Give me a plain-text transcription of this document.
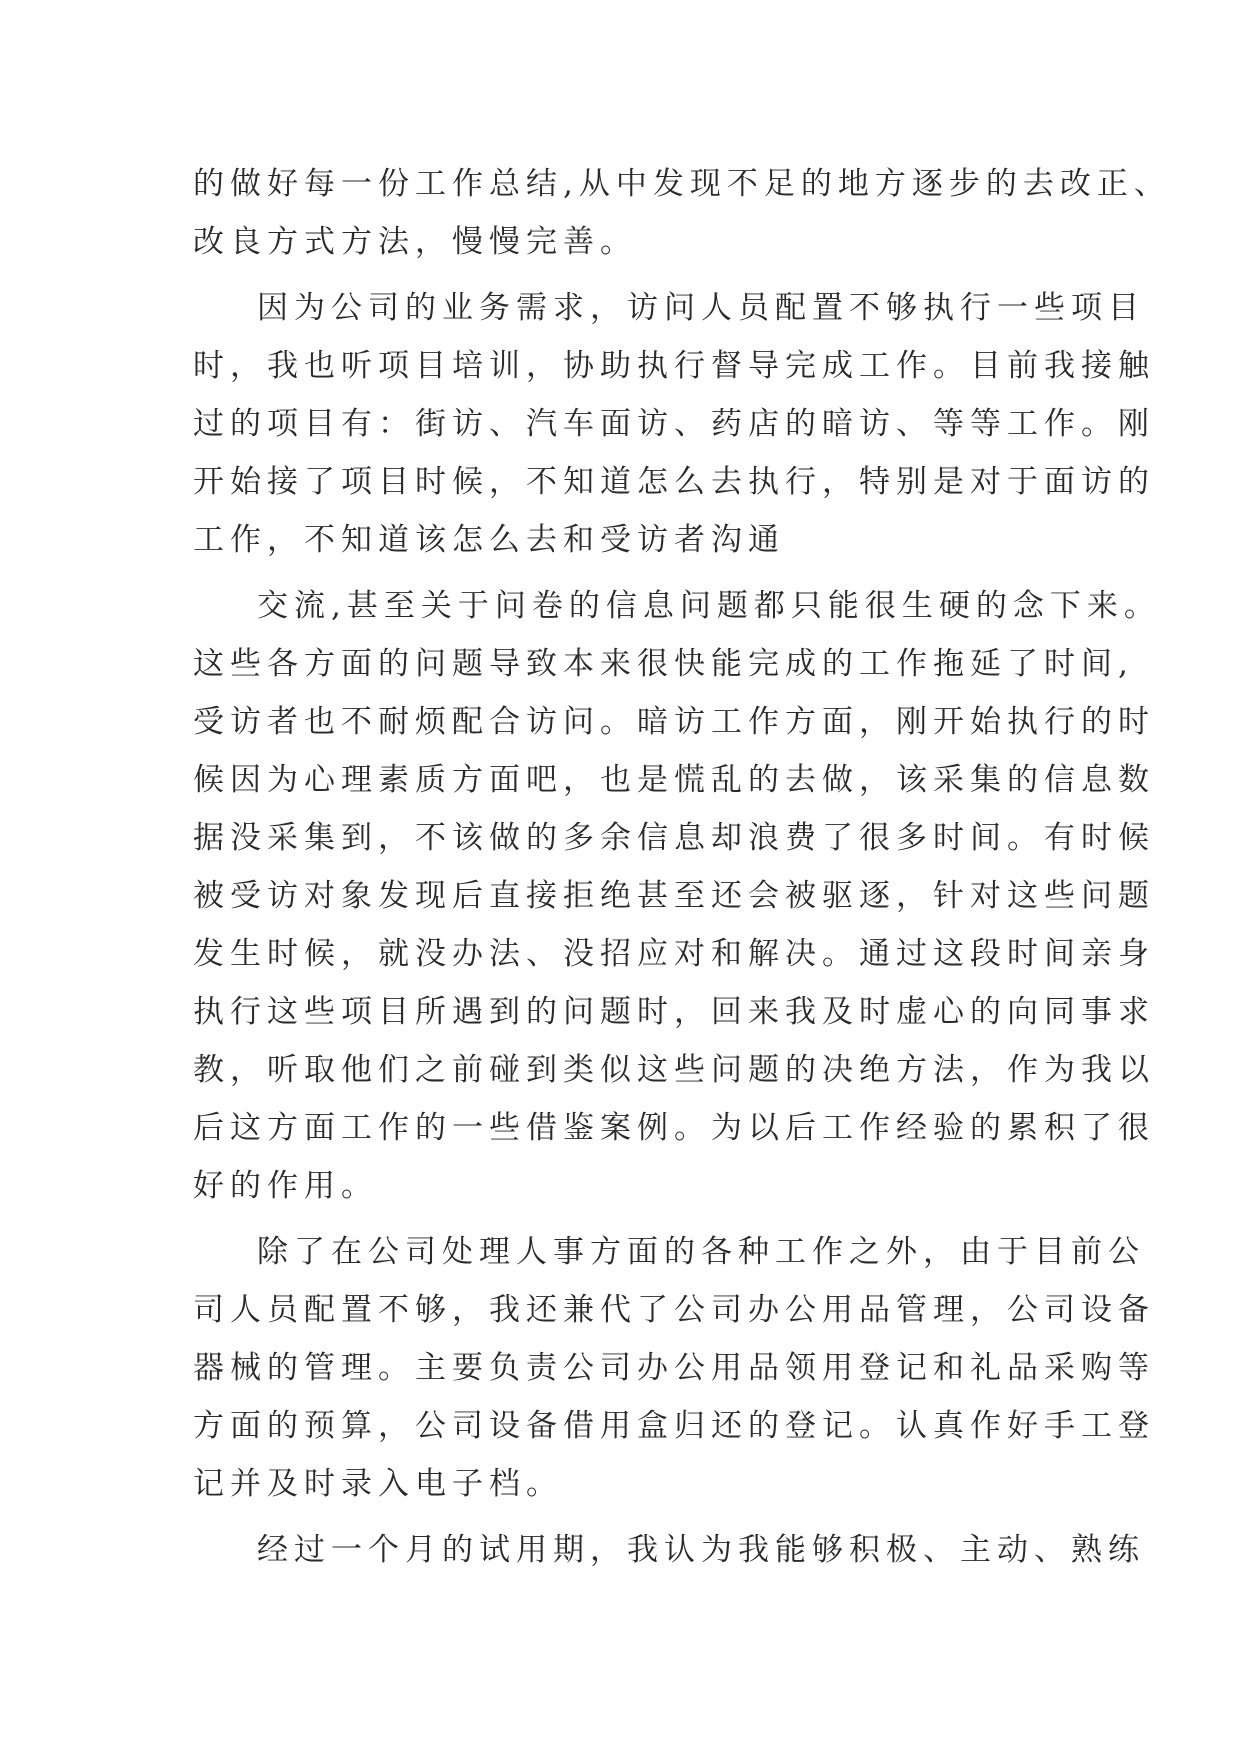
的做好每一份工作总结,从中发现不足的地方逐步的去改正、
改良方式方法，慢慢完善。
因为公司的业务需求，访问人员配置不够执行一些项目
时，我也听项目培训，协助执行督导完成工作。目前我接触
过的项目有：街访、汽车面访、药店的暗访、等等工作。刚
开始接了项目时候，不知道怎么去执行，特别是对于面访的
工作，不知道该怎么去和受访者沟通
交流,甚至关于问卷的信息问题都只能很生硬的念下来。
这些各方面的问题导致本来很快能完成的工作拖延了时间,
受访者也不耐烦配合访问。暗访工作方面，刚开始执行的时
候因为心理素质方面吧，也是慌乱的去做，该采集的信息数
据没采集到，不该做的多余信息却浪费了很多时间。有时候
被受访对象发现后直接拒绝甚至还会被驱逐，针对这些问题
发生时候，就没办法、没招应对和解决。通过这段时间亲身
执行这些项目所遇到的问题时，回来我及时虚心的向同事求
教，听取他们之前碰到类似这些问题的决绝方法，作为我以
后这方面工作的一些借鉴案例。为以后工作经验的累积了很
好的作用。
除了在公司处理人事方面的各种工作之外，由于目前公
司人员配置不够，我还兼代了公司办公用品管理，公司设备
器械的管理。主要负责公司办公用品领用登记和礼品采购等
方面的预算，公司设备借用盒归还的登记。认真作好手工登
记并及时录入电子档。
经过一个月的试用期，我认为我能够积极、主动、熟练
